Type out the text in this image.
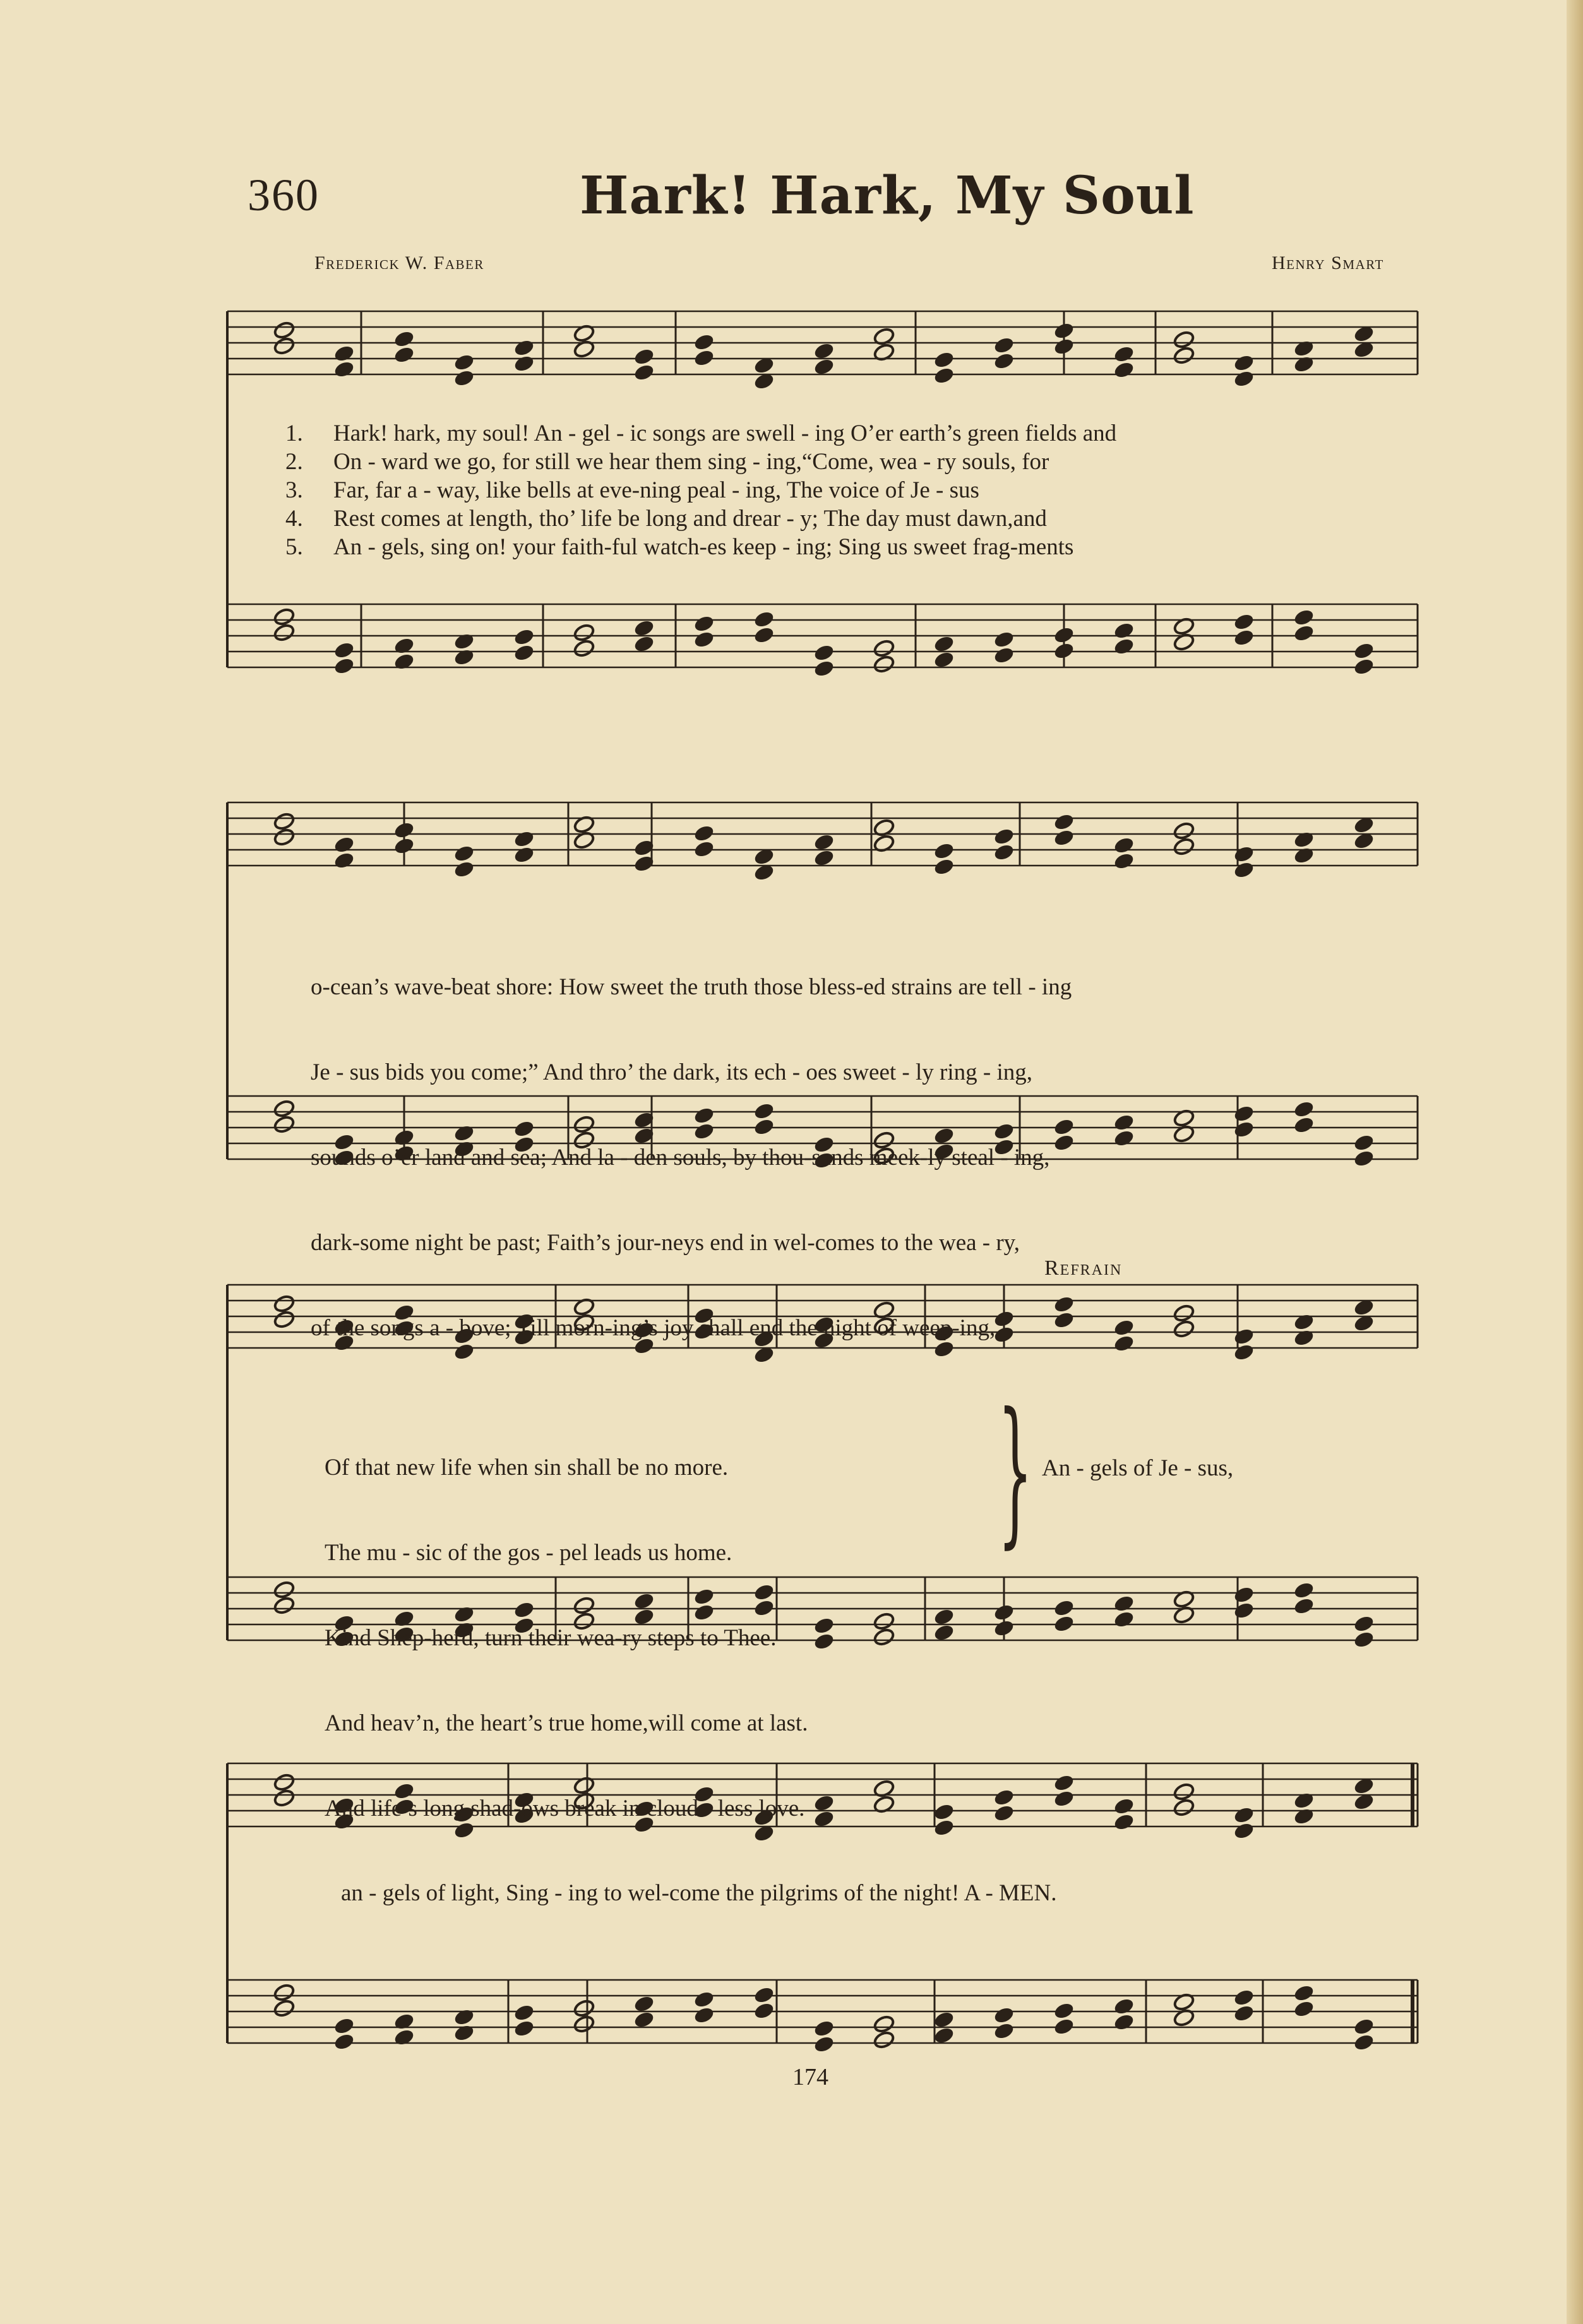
360	Hark! Hark, My Soul
Frederick W. Faber	Henry Smart
1.	Hark! hark, my soul! An - gel - ic songs are swell - ing O’er earth’s green fields and
2.	On - ward we go, for still we hear them sing - ing,“Come, wea - ry souls, for
3.	Far, far a - way, like bells at eve-ning peal - ing, The voice of Je - sus
4.	Rest comes at length, tho’ life be long and drear - y; The day must dawn,and
5.	An - gels, sing on! your faith-ful watch-es keep - ing; Sing us sweet frag-ments

o-cean’s wave-beat shore: How sweet the truth those bless-ed strains are tell - ing

Je - sus bids you come;” And thro’ the dark, its ech - oes sweet - ly ring - ing,

sounds o’er land and sea; And la - den souls, by thou-sands meek-ly steal - ing,

dark-some night be past; Faith’s jour-neys end in wel-comes to the wea - ry,

of the songs a - bove; Till morn-ing’s joy shall end the night of weep-ing,

Refrain

Of that new life when sin shall be no more.

The mu - sic of the gos - pel leads us home.

Kind Shep-herd, turn their wea-ry steps to Thee.

And heav’n, the heart’s true home,will come at last.

And life’s long shad-ows break in cloud - less love.

} An - gels of Je - sus,
an - gels of light, Sing - ing to wel-come the pilgrims of the night! A - MEN.
174
